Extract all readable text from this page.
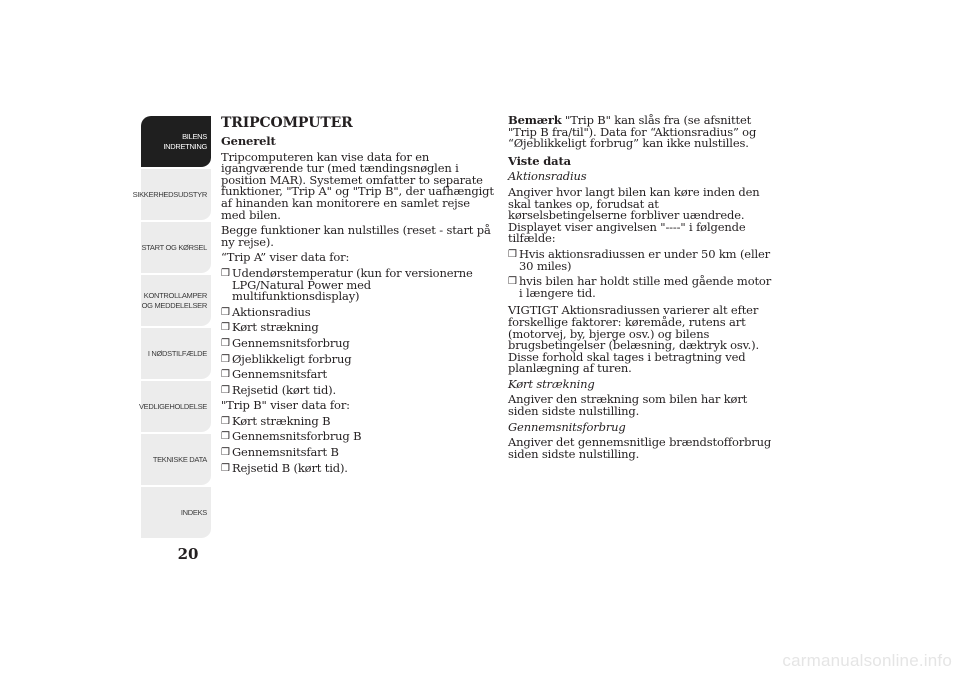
BILENS
INDRETNING
SIKKERHEDSUDSTYR
START OG KØRSEL
KONTROLLAMPER
OG MEDDELELSER
I NØDSTILFÆLDE
VEDLIGEHOLDELSE
TEKNISKE DATA
INDEKS
20
TRIPCOMPUTER
Generelt
Tripcomputeren kan vise data for en igangværende tur (med tændingsnøglen i position MAR). Systemet omfatter to separate funktioner, "Trip A" og "Trip B", der uafhængigt af hinanden kan monitorere en samlet rejse med bilen.
Begge funktioner kan nulstilles (reset - start på ny rejse).
“Trip A” viser data for:
❒ Udendørstemperatur (kun for versionerne LPG/Natural Power med multifunktionsdisplay)
❒ Aktionsradius
❒ Kørt strækning
❒ Gennemsnitsforbrug
❒ Øjeblikkeligt forbrug
❒ Gennemsnitsfart
❒ Rejsetid (kørt tid).
"Trip B" viser data for:
❒ Kørt strækning B
❒ Gennemsnitsforbrug B
❒ Gennemsnitsfart B
❒ Rejsetid B (kørt tid).
Bemærk "Trip B" kan slås fra (se afsnittet "Trip B fra/til"). Data for “Aktionsradius” og “Øjeblikkeligt forbrug” kan ikke nulstilles.
Viste data
Aktionsradius
Angiver hvor langt bilen kan køre inden den skal tankes op, forudsat at kørselsbetingelserne forbliver uændrede. Displayet viser angivelsen "----" i følgende tilfælde:
❒ Hvis aktionsradiussen er under 50 km (eller 30 miles)
❒ hvis bilen har holdt stille med gående motor i længere tid.
VIGTIGT Aktionsradiussen varierer alt efter forskellige faktorer: køremåde, rutens art (motorvej, by, bjerge osv.) og bilens brugsbetingelser (belæsning, dæktryk osv.). Disse forhold skal tages i betragtning ved planlægning af turen.
Kørt strækning
Angiver den strækning som bilen har kørt siden sidste nulstilling.
Gennemsnitsforbrug
Angiver det gennemsnitlige brændstofforbrug siden sidste nulstilling.
carmanualsonline.info
